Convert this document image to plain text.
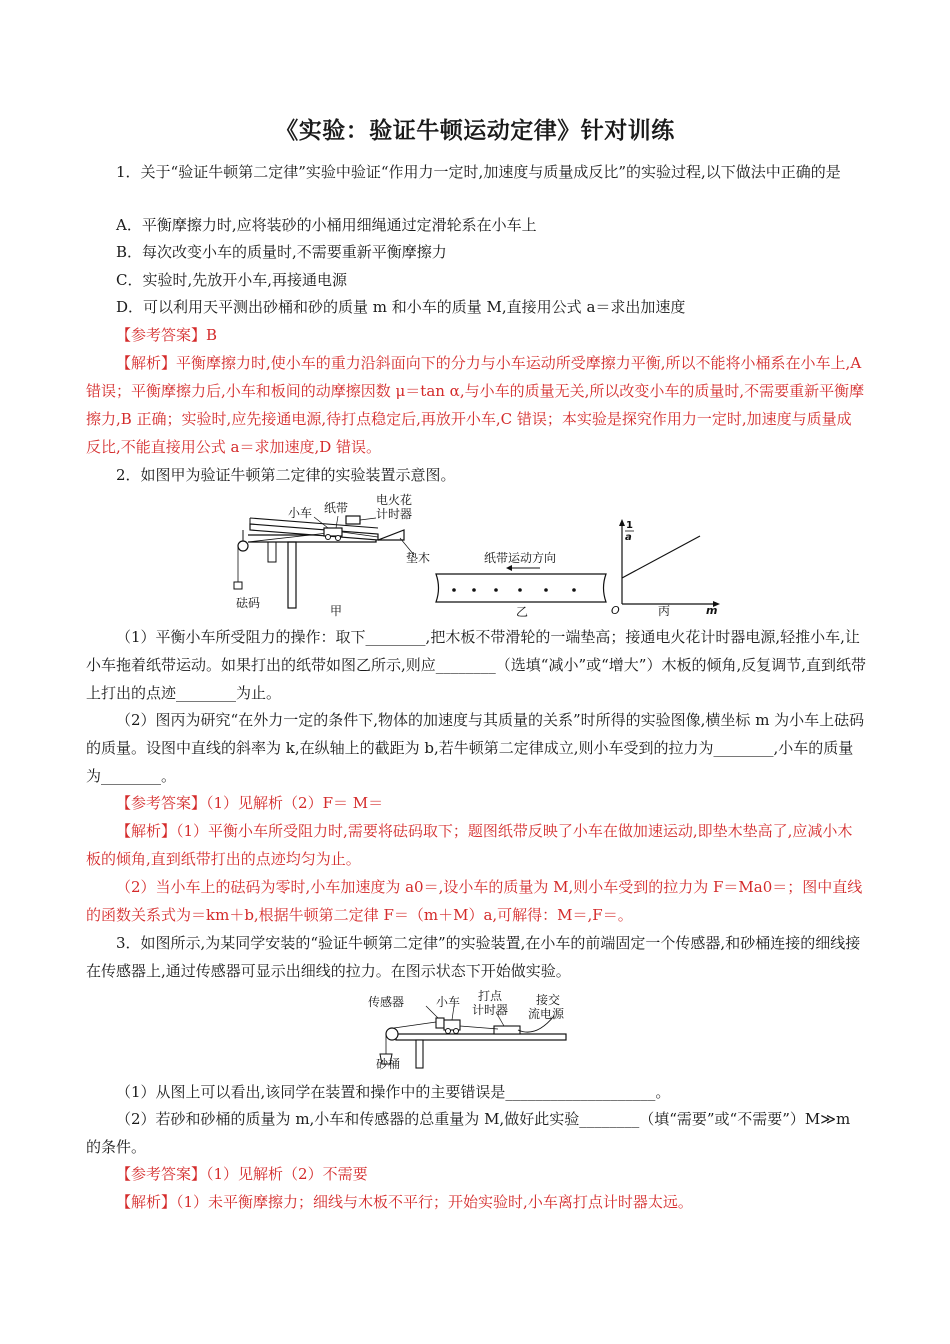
《实验：验证牛顿运动定律》针对训练

1．关于“验证牛顿第二定律”实验中验证“作用力一定时,加速度与质量成反比”的实验过程,以下做法中正确的是

A．平衡摩擦力时,应将装砂的小桶用细绳通过定滑轮系在小车上

B．每次改变小车的质量时,不需要重新平衡摩擦力

C．实验时,先放开小车,再接通电源

D．可以利用天平测出砂桶和砂的质量 m 和小车的质量 M,直接用公式 a＝求出加速度

【参考答案】B

【解析】平衡摩擦力时,使小车的重力沿斜面向下的分力与小车运动所受摩擦力平衡,所以不能将小桶系在小车上,A 错误；平衡摩擦力后,小车和板间的动摩擦因数 μ＝tan α,与小车的质量无关,所以改变小车的质量时,不需要重新平衡摩擦力,B 正确；实验时,应先接通电源,待打点稳定后,再放开小车,C 错误；本实验是探究作用力一定时,加速度与质量成反比,不能直接用公式 a＝求加速度,D 错误。

2．如图甲为验证牛顿第二定律的实验装置示意图。

小车 纸带
电火花
计时器
垫木
砝码
甲
纸带运动方向
乙
1
a
O	丙	m

（1）平衡小车所受阻力的操作：取下________,把木板不带滑轮的一端垫高；接通电火花计时器电源,轻推小车,让小车拖着纸带运动。如果打出的纸带如图乙所示,则应________（选填“减小”或“增大”）木板的倾角,反复调节,直到纸带上打出的点迹________为止。

（2）图丙为研究“在外力一定的条件下,物体的加速度与其质量的关系”时所得的实验图像,横坐标 m 为小车上砝码的质量。设图中直线的斜率为 k,在纵轴上的截距为 b,若牛顿第二定律成立,则小车受到的拉力为________,小车的质量为________。

【参考答案】（1）见解析（2）F＝ M＝

【解析】（1）平衡小车所受阻力时,需要将砝码取下；题图纸带反映了小车在做加速运动,即垫木垫高了,应减小木板的倾角,直到纸带打出的点迹均匀为止。

（2）当小车上的砝码为零时,小车加速度为 a0＝,设小车的质量为 M,则小车受到的拉力为 F＝Ma0＝；图中直线的函数关系式为＝km＋b,根据牛顿第二定律 F＝（m＋M）a,可解得：M＝,F＝。

3．如图所示,为某同学安装的“验证牛顿第二定律”的实验装置,在小车的前端固定一个传感器,和砂桶连接的细线接在传感器上,通过传感器可显示出细线的拉力。在图示状态下开始做实验。

传感器	小车 打点
计时器
接交
流电源
砂桶

（1）从图上可以看出,该同学在装置和操作中的主要错误是____________________。

（2）若砂和砂桶的质量为 m,小车和传感器的总重量为 M,做好此实验________（填“需要”或“不需要”）M≫m 的条件。

【参考答案】（1）见解析（2）不需要

【解析】（1）未平衡摩擦力；细线与木板不平行；开始实验时,小车离打点计时器太远。
